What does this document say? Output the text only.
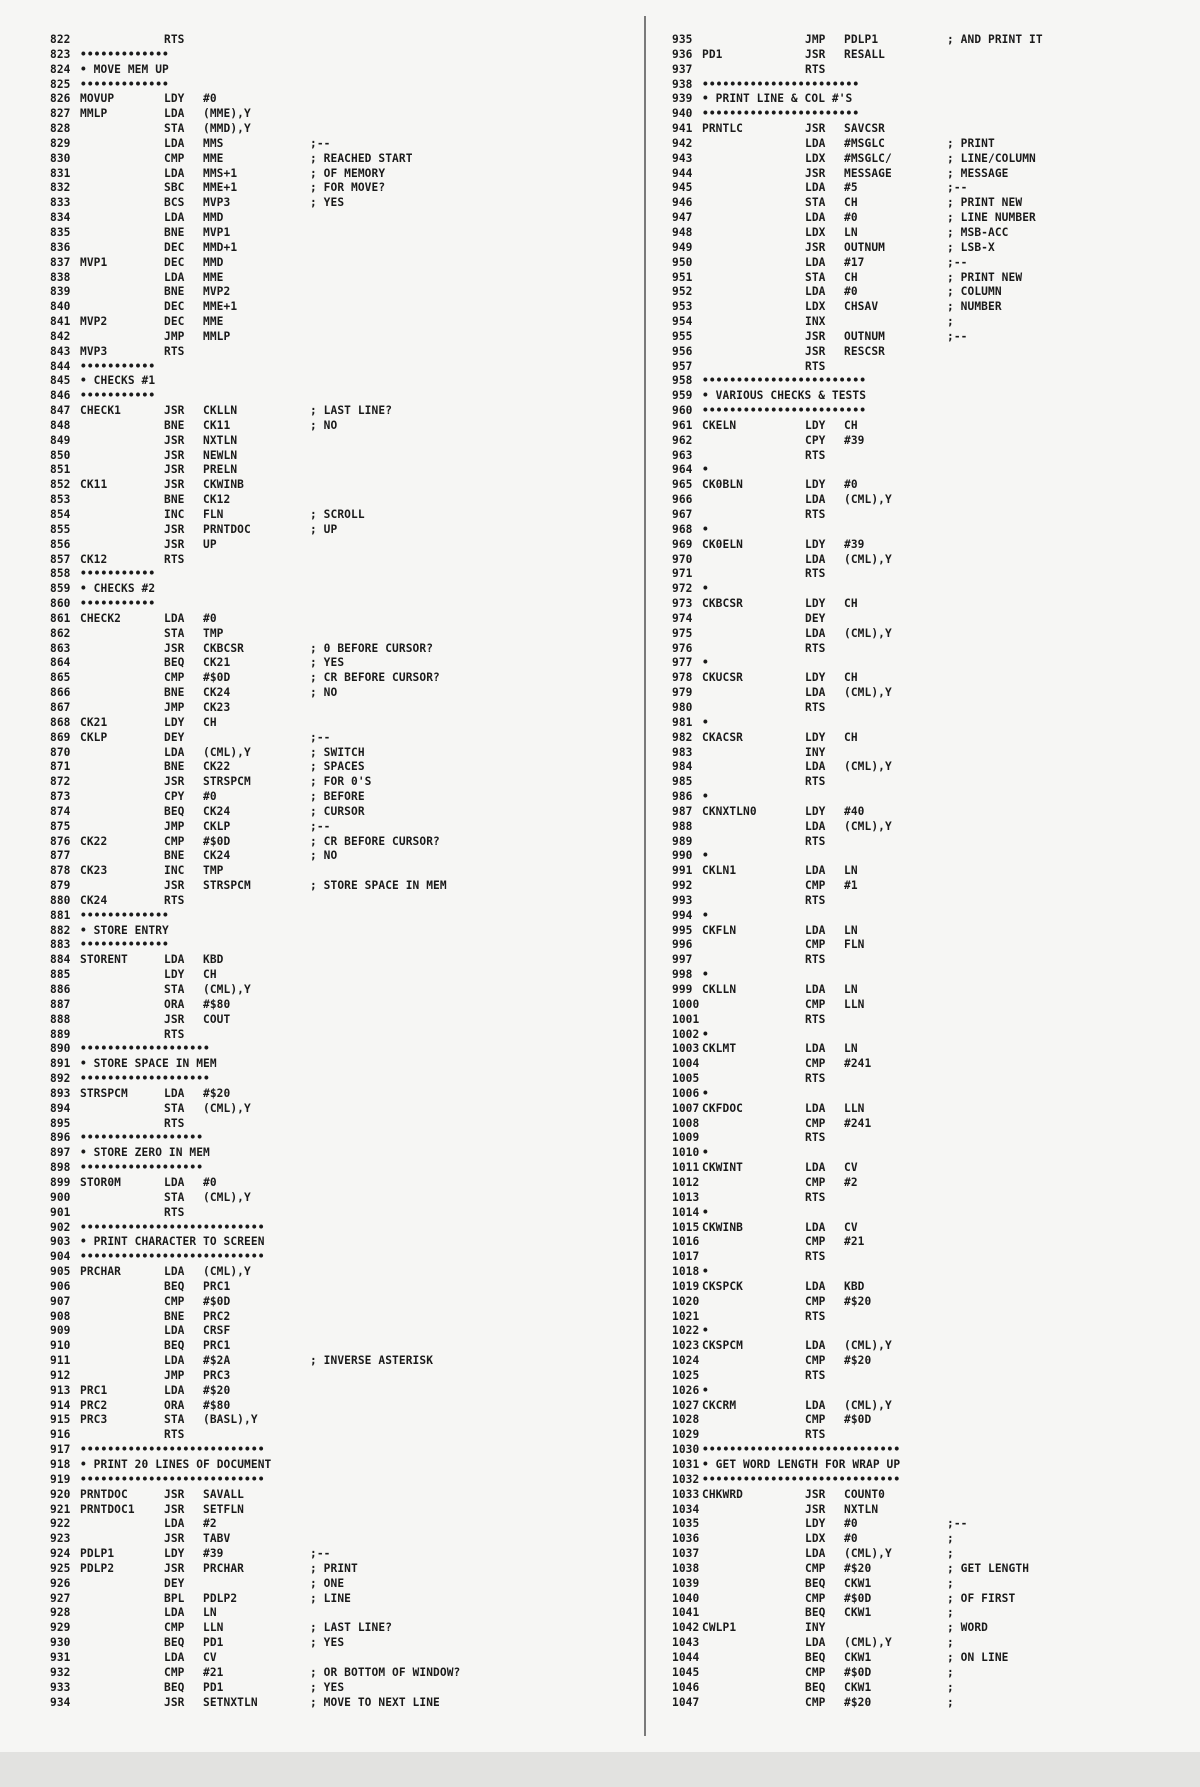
822	RTS
823 •••••••••••••
824 • MOVE MEM UP
825 •••••••••••••
826 MOVUP	LDY #0
827 MMLP	LDA (MME),Y
828	STA (MMD),Y
829	LDA MMS	;--
830	CMP MME	; REACHED START
831	LDA MMS+1	; OF MEMORY
832	SBC MME+1	; FOR MOVE?
833	BCS MVP3	; YES
834	LDA MMD
835	BNE MVP1
836	DEC MMD+1
837 MVP1	DEC MMD
838	LDA MME
839	BNE MVP2
840	DEC MME+1
841 MVP2	DEC MME
842	JMP MMLP
843 MVP3	RTS
844 •••••••••••
845 • CHECKS #1
846 •••••••••••
847 CHECK1	JSR CKLLN	; LAST LINE?
848	BNE CK11	; NO
849	JSR NXTLN
850	JSR NEWLN
851	JSR PRELN
852 CK11	JSR CKWINB
853	BNE CK12
854	INC FLN	; SCROLL
855	JSR PRNTDOC	; UP
856	JSR UP
857 CK12	RTS
858 •••••••••••
859 • CHECKS #2
860 •••••••••••
861 CHECK2	LDA #0
862	STA TMP
863	JSR CKBCSR	; 0 BEFORE CURSOR?
864	BEQ CK21	; YES
865	CMP #$0D	; CR BEFORE CURSOR?
866	BNE CK24	; NO
867	JMP CK23
868 CK21	LDY CH
869 CKLP	DEY	;--
870	LDA (CML),Y	; SWITCH
871	BNE CK22	; SPACES
872	JSR STRSPCM	; FOR 0'S
873	CPY #0	; BEFORE
874	BEQ CK24	; CURSOR
875	JMP CKLP	;--
876 CK22	CMP #$0D	; CR BEFORE CURSOR?
877	BNE CK24	; NO
878 CK23	INC TMP
879	JSR STRSPCM	; STORE SPACE IN MEM
880 CK24	RTS
881 •••••••••••••
882 • STORE ENTRY
883 •••••••••••••
884 STORENT	LDA KBD
885	LDY CH
886	STA (CML),Y
887	ORA #$80
888	JSR COUT
889	RTS
890 •••••••••••••••••••
891 • STORE SPACE IN MEM
892 •••••••••••••••••••
893 STRSPCM	LDA #$20
894	STA (CML),Y
895	RTS
896 ••••••••••••••••••
897 • STORE ZERO IN MEM
898 ••••••••••••••••••
899 STOR0M	LDA #0
900	STA (CML),Y
901	RTS
902 •••••••••••••••••••••••••••
903 • PRINT CHARACTER TO SCREEN
904 •••••••••••••••••••••••••••
905 PRCHAR	LDA (CML),Y
906	BEQ PRC1
907	CMP #$0D
908	BNE PRC2
909	LDA CRSF
910	BEQ PRC1
911	LDA #$2A	; INVERSE ASTERISK
912	JMP PRC3
913 PRC1	LDA #$20
914 PRC2	ORA #$80
915 PRC3	STA (BASL),Y
916	RTS
917 •••••••••••••••••••••••••••
918 • PRINT 20 LINES OF DOCUMENT
919 •••••••••••••••••••••••••••
920 PRNTDOC	JSR SAVALL
921 PRNTDOC1	JSR SETFLN
922	LDA #2
923	JSR TABV
924 PDLP1	LDY #39	;--
925 PDLP2	JSR PRCHAR	; PRINT
926	DEY	; ONE
927	BPL PDLP2	; LINE
928	LDA LN
929	CMP LLN	; LAST LINE?
930	BEQ PD1	; YES
931	LDA CV
932	CMP #21	; OR BOTTOM OF WINDOW?
933	BEQ PD1	; YES
934	JSR SETNXTLN	; MOVE TO NEXT LINE
935	JMP PDLP1	; AND PRINT IT
936 PD1	JSR RESALL
937	RTS
938 •••••••••••••••••••••••
939 • PRINT LINE & COL #'S
940 •••••••••••••••••••••••
941 PRNTLC	JSR SAVCSR
942	LDA #MSGLC	; PRINT
943	LDX #MSGLC/	; LINE/COLUMN
944	JSR MESSAGE	; MESSAGE
945	LDA #5	;--
946	STA CH	; PRINT NEW
947	LDA #0	; LINE NUMBER
948	LDX LN	; MSB-ACC
949	JSR OUTNUM	; LSB-X
950	LDA #17	;--
951	STA CH	; PRINT NEW
952	LDA #0	; COLUMN
953	LDX CHSAV	; NUMBER
954	INX	;
955	JSR OUTNUM	;--
956	JSR RESCSR
957	RTS
958 ••••••••••••••••••••••••
959 • VARIOUS CHECKS & TESTS
960 ••••••••••••••••••••••••
961 CKELN	LDY CH
962	CPY #39
963	RTS
964 •
965 CK0BLN	LDY #0
966	LDA (CML),Y
967	RTS
968 •
969 CK0ELN	LDY #39
970	LDA (CML),Y
971	RTS
972 •
973 CKBCSR	LDY CH
974	DEY
975	LDA (CML),Y
976	RTS
977 •
978 CKUCSR	LDY CH
979	LDA (CML),Y
980	RTS
981 •
982 CKACSR	LDY CH
983	INY
984	LDA (CML),Y
985	RTS
986 •
987 CKNXTLN0	LDY #40
988	LDA (CML),Y
989	RTS
990 •
991 CKLN1	LDA LN
992	CMP #1
993	RTS
994 •
995 CKFLN	LDA LN
996	CMP FLN
997	RTS
998 •
999 CKLLN	LDA LN
1000	CMP LLN
1001	RTS
1002 •
1003 CKLMT	LDA LN
1004	CMP #241
1005	RTS
1006 •
1007 CKFDOC	LDA LLN
1008	CMP #241
1009	RTS
1010 •
1011 CKWINT	LDA CV
1012	CMP #2
1013	RTS
1014 •
1015 CKWINB	LDA CV
1016	CMP #21
1017	RTS
1018 •
1019 CKSPCK	LDA KBD
1020	CMP #$20
1021	RTS
1022 •
1023 CKSPCM	LDA (CML),Y
1024	CMP #$20
1025	RTS
1026 •
1027 CKCRM	LDA (CML),Y
1028	CMP #$0D
1029	RTS
1030 •••••••••••••••••••••••••••••
1031 • GET WORD LENGTH FOR WRAP UP
1032 •••••••••••••••••••••••••••••
1033 CHKWRD	JSR COUNT0
1034	JSR NXTLN
1035	LDY #0	;--
1036	LDX #0	;
1037	LDA (CML),Y	;
1038	CMP #$20	; GET LENGTH
1039	BEQ CKW1	;
1040	CMP #$0D	; OF FIRST
1041	BEQ CKW1	;
1042 CWLP1	INY	; WORD
1043	LDA (CML),Y	;
1044	BEQ CKW1	; ON LINE
1045	CMP #$0D	;
1046	BEQ CKW1	;
1047	CMP #$20	;
